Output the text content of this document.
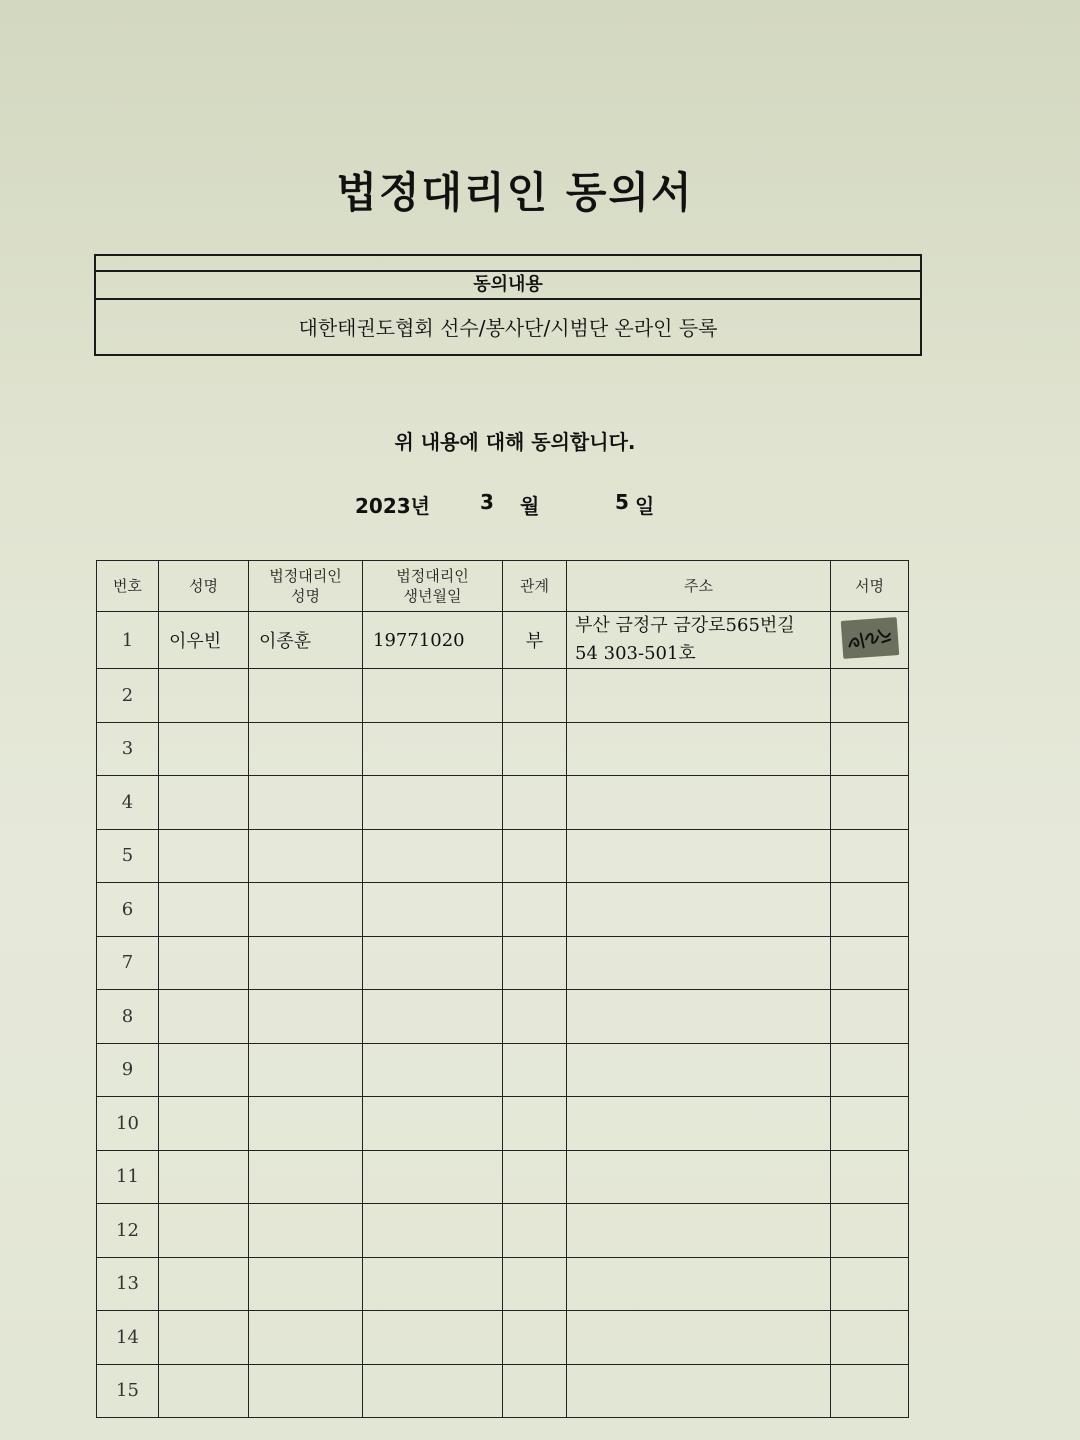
법정대리인 동의서
동의내용
대한태권도협회 선수/봉사단/시범단 온라인 등록
위 내용에 대해 동의합니다.
2023년	3 월	5 일
번호	성명	법정대리인 성명	법정대리인 생년월일	관계	주소	서명
1	이우빈	이종훈	19771020	부	부산 금정구 금강로565번길
54 303-501호

2						
3						
4						
5						
6						
7						
8						
9						
10						
11						
12						
13						
14						
15						
